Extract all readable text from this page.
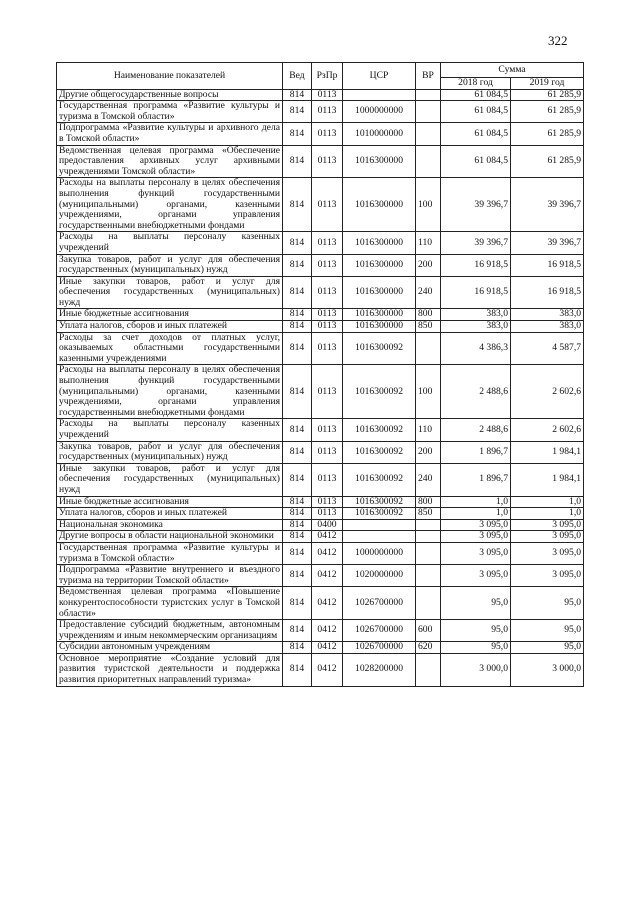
322
Наименование показателей	Вед	РзПр	ЦСР	ВР	Сумма	
					2018 год	2019 год
Другие общегосударственные вопросы	814	0113			61 084,5	61 285,9
Государственная программа «Развитие культуры и туризма в Томской области»	814	0113	1000000000		61 084,5	61 285,9
Подпрограмма «Развитие культуры и архивного дела в Томской области»	814	0113	1010000000		61 084,5	61 285,9
Ведомственная целевая программа «Обеспечение предоставления архивных услуг архивными учреждениями Томской области»	814	0113	1016300000		61 084,5	61 285,9
Расходы на выплаты персоналу в целях обеспечения выполнения функций государственными (муниципальными) органами, казенными учреждениями, органами управления государственными внебюджетными фондами	814	0113	1016300000	100	39 396,7	39 396,7
Расходы на выплаты персоналу казенных учреждений	814	0113	1016300000	110	39 396,7	39 396,7
Закупка товаров, работ и услуг для обеспечения государственных (муниципальных) нужд	814	0113	1016300000	200	16 918,5	16 918,5
Иные закупки товаров, работ и услуг для обеспечения государственных (муниципальных) нужд	814	0113	1016300000	240	16 918,5	16 918,5
Иные бюджетные ассигнования	814	0113	1016300000	800	383,0	383,0
Уплата налогов, сборов и иных платежей	814	0113	1016300000	850	383,0	383,0
Расходы за счет доходов от платных услуг, оказываемых областными государственными казенными учреждениями	814	0113	1016300092		4 386,3	4 587,7
Расходы на выплаты персоналу в целях обеспечения выполнения функций государственными (муниципальными) органами, казенными учреждениями, органами управления государственными внебюджетными фондами	814	0113	1016300092	100	2 488,6	2 602,6
Расходы на выплаты персоналу казенных учреждений	814	0113	1016300092	110	2 488,6	2 602,6
Закупка товаров, работ и услуг для обеспечения государственных (муниципальных) нужд	814	0113	1016300092	200	1 896,7	1 984,1
Иные закупки товаров, работ и услуг для обеспечения государственных (муниципальных) нужд	814	0113	1016300092	240	1 896,7	1 984,1
Иные бюджетные ассигнования	814	0113	1016300092	800	1,0	1,0
Уплата налогов, сборов и иных платежей	814	0113	1016300092	850	1,0	1,0
Национальная экономика	814	0400			3 095,0	3 095,0
Другие вопросы в области национальной экономики	814	0412			3 095,0	3 095,0
Государственная программа «Развитие культуры и туризма в Томской области»	814	0412	1000000000		3 095,0	3 095,0
Подпрограмма «Развитие внутреннего и въездного туризма на территории Томской области»	814	0412	1020000000		3 095,0	3 095,0
Ведомственная целевая программа «Повышение конкурентоспособности туристских услуг в Томской области»	814	0412	1026700000		95,0	95,0
Предоставление субсидий бюджетным, автономным учреждениям и иным некоммерческим организациям	814	0412	1026700000	600	95,0	95,0
Субсидии автономным учреждениям	814	0412	1026700000	620	95,0	95,0
Основное мероприятие «Создание условий для развития туристской деятельности и поддержка развития приоритетных направлений туризма»	814	0412	1028200000		3 000,0	3 000,0
